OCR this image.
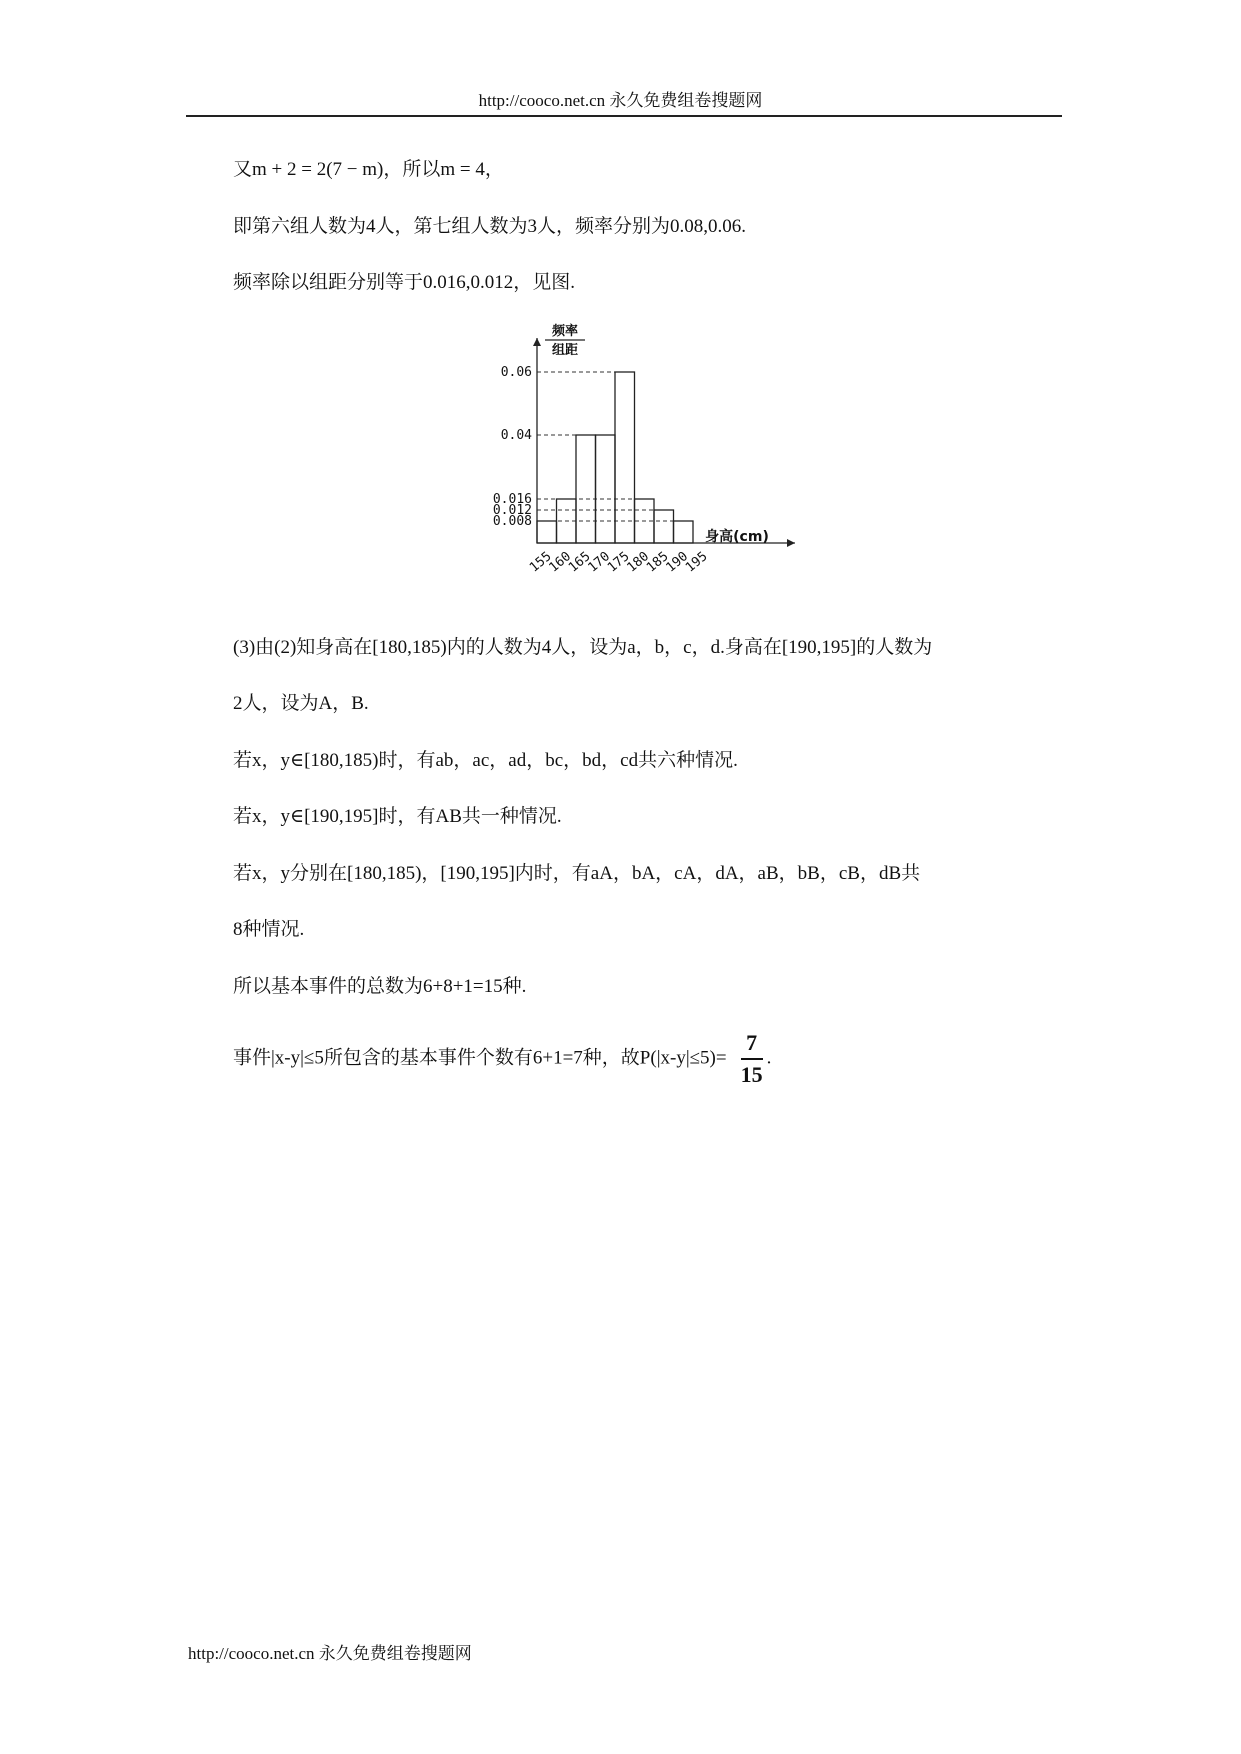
http://cooco.net.cn 永久免费组卷搜题网
又m + 2 = 2(7 − m)，所以m = 4，
即第六组人数为4人，第七组人数为3人，频率分别为0.08,0.06.
频率除以组距分别等于0.016,0.012，见图.
0.06
0.04
0.016
0.012
0.008
频率
组距
身高(cm)
155
160
165
170
175
180
185
190
195
(3)由(2)知身高在[180,185)内的人数为4人，设为a，b，c，d.身高在[190,195]的人数为
2人，设为A，B.
若x，y∈[180,185)时，有ab，ac，ad，bc，bd，cd共六种情况.
若x，y∈[190,195]时，有AB共一种情况.
若x，y分别在[180,185)，[190,195]内时，有aA，bA，cA，dA，aB，bB，cB，dB共
8种情况.
所以基本事件的总数为6+8+1=15种.
事件|x-y|≤5所包含的基本事件个数有6+1=7种，故$P(|x-y|\le 5)= \frac{7}{15}$ .
http://cooco.net.cn 永久免费组卷搜题网
